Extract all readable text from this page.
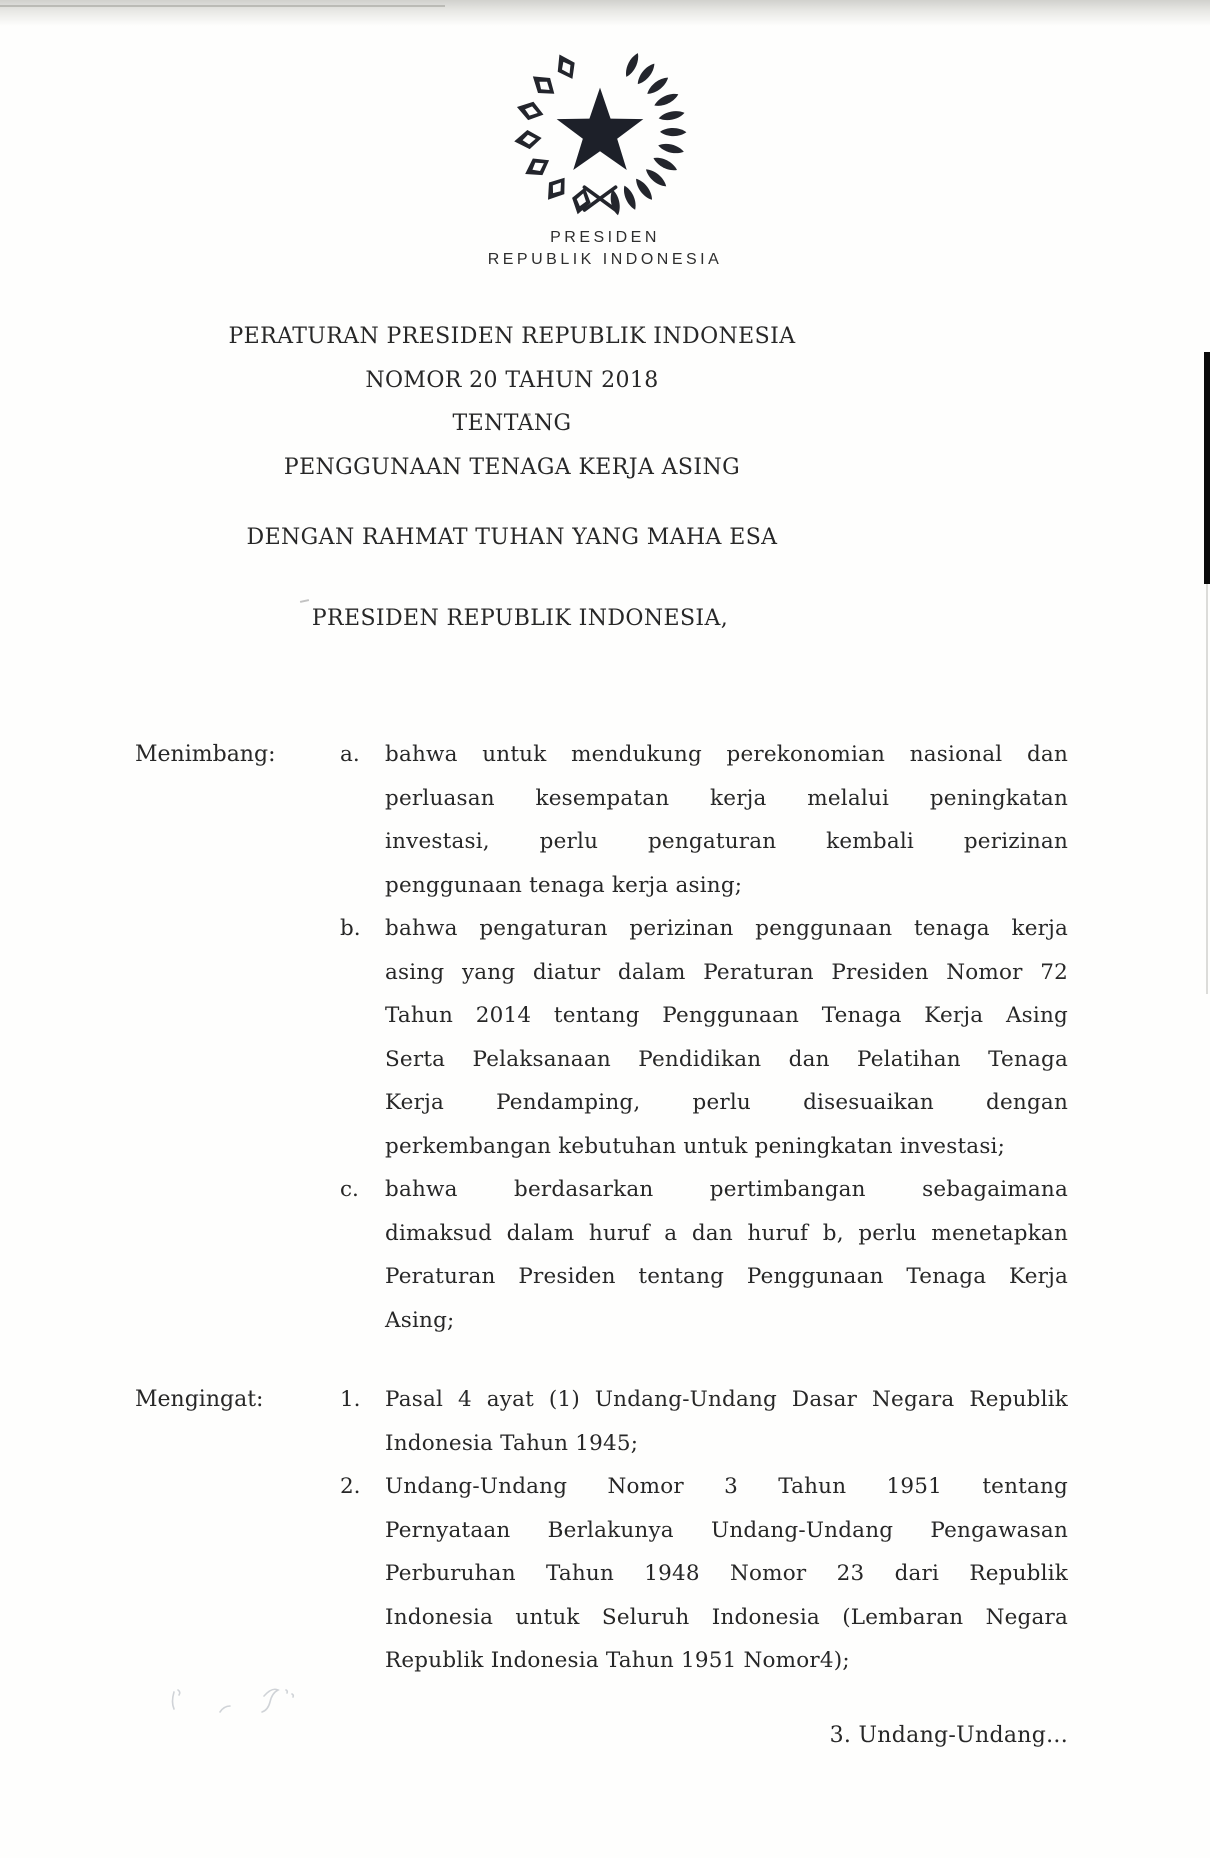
PRESIDEN
REPUBLIK INDONESIA
PERATURAN PRESIDEN REPUBLIK INDONESIA
NOMOR 20 TAHUN 2018
TENTANG
PENGGUNAAN TENAGA KERJA ASING
DENGAN RAHMAT TUHAN YANG MAHA ESA
PRESIDEN REPUBLIK INDONESIA,
Menimbang:	a.	bahwa untuk mendukung perekonomian nasional dan
perluasan kesempatan kerja melalui peningkatan
investasi, perlu pengaturan kembali perizinan
penggunaan tenaga kerja asing;
b.	bahwa pengaturan perizinan penggunaan tenaga kerja
asing yang diatur dalam Peraturan Presiden Nomor 72
Tahun 2014 tentang Penggunaan Tenaga Kerja Asing
Serta Pelaksanaan Pendidikan dan Pelatihan Tenaga
Kerja Pendamping, perlu disesuaikan dengan
perkembangan kebutuhan untuk peningkatan investasi;
c.	bahwa berdasarkan pertimbangan sebagaimana
dimaksud dalam huruf a dan huruf b, perlu menetapkan
Peraturan Presiden tentang Penggunaan Tenaga Kerja
Asing;
Mengingat:	1.	Pasal 4 ayat (1) Undang-Undang Dasar Negara Republik
Indonesia Tahun 1945;
2.	Undang-Undang Nomor 3 Tahun 1951 tentang
Pernyataan Berlakunya Undang-Undang Pengawasan
Perburuhan Tahun 1948 Nomor 23 dari Republik
Indonesia untuk Seluruh Indonesia (Lembaran Negara
Republik Indonesia Tahun 1951 Nomor4);
3. Undang-Undang...
